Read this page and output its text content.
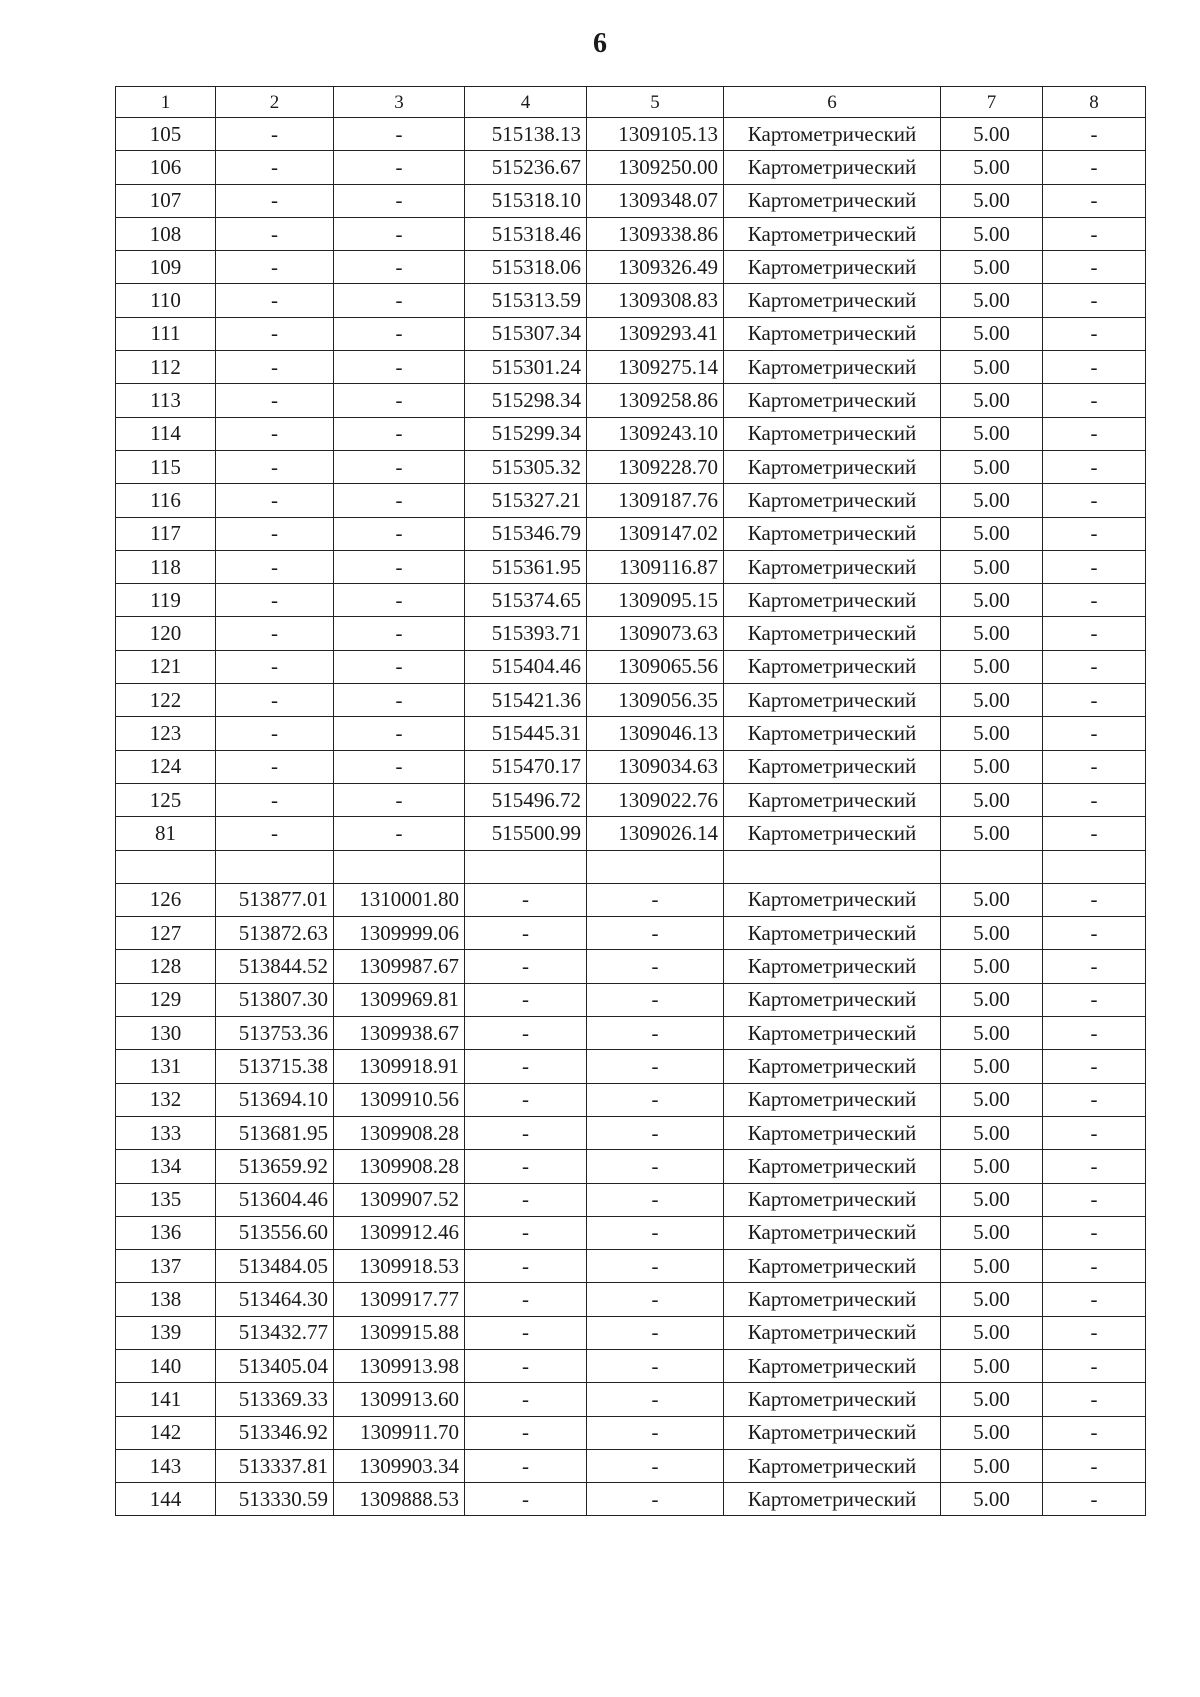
6
1	2	3	4	5	6	7	8
105	-	-	515138.13	1309105.13	Картометрический	5.00	-
106	-	-	515236.67	1309250.00	Картометрический	5.00	-
107	-	-	515318.10	1309348.07	Картометрический	5.00	-
108	-	-	515318.46	1309338.86	Картометрический	5.00	-
109	-	-	515318.06	1309326.49	Картометрический	5.00	-
110	-	-	515313.59	1309308.83	Картометрический	5.00	-
111	-	-	515307.34	1309293.41	Картометрический	5.00	-
112	-	-	515301.24	1309275.14	Картометрический	5.00	-
113	-	-	515298.34	1309258.86	Картометрический	5.00	-
114	-	-	515299.34	1309243.10	Картометрический	5.00	-
115	-	-	515305.32	1309228.70	Картометрический	5.00	-
116	-	-	515327.21	1309187.76	Картометрический	5.00	-
117	-	-	515346.79	1309147.02	Картометрический	5.00	-
118	-	-	515361.95	1309116.87	Картометрический	5.00	-
119	-	-	515374.65	1309095.15	Картометрический	5.00	-
120	-	-	515393.71	1309073.63	Картометрический	5.00	-
121	-	-	515404.46	1309065.56	Картометрический	5.00	-
122	-	-	515421.36	1309056.35	Картометрический	5.00	-
123	-	-	515445.31	1309046.13	Картометрический	5.00	-
124	-	-	515470.17	1309034.63	Картометрический	5.00	-
125	-	-	515496.72	1309022.76	Картометрический	5.00	-
81	-	-	515500.99	1309026.14	Картометрический	5.00	-

126	513877.01	1310001.80	-	-	Картометрический	5.00	-
127	513872.63	1309999.06	-	-	Картометрический	5.00	-
128	513844.52	1309987.67	-	-	Картометрический	5.00	-
129	513807.30	1309969.81	-	-	Картометрический	5.00	-
130	513753.36	1309938.67	-	-	Картометрический	5.00	-
131	513715.38	1309918.91	-	-	Картометрический	5.00	-
132	513694.10	1309910.56	-	-	Картометрический	5.00	-
133	513681.95	1309908.28	-	-	Картометрический	5.00	-
134	513659.92	1309908.28	-	-	Картометрический	5.00	-
135	513604.46	1309907.52	-	-	Картометрический	5.00	-
136	513556.60	1309912.46	-	-	Картометрический	5.00	-
137	513484.05	1309918.53	-	-	Картометрический	5.00	-
138	513464.30	1309917.77	-	-	Картометрический	5.00	-
139	513432.77	1309915.88	-	-	Картометрический	5.00	-
140	513405.04	1309913.98	-	-	Картометрический	5.00	-
141	513369.33	1309913.60	-	-	Картометрический	5.00	-
142	513346.92	1309911.70	-	-	Картометрический	5.00	-
143	513337.81	1309903.34	-	-	Картометрический	5.00	-
144	513330.59	1309888.53	-	-	Картометрический	5.00	-
